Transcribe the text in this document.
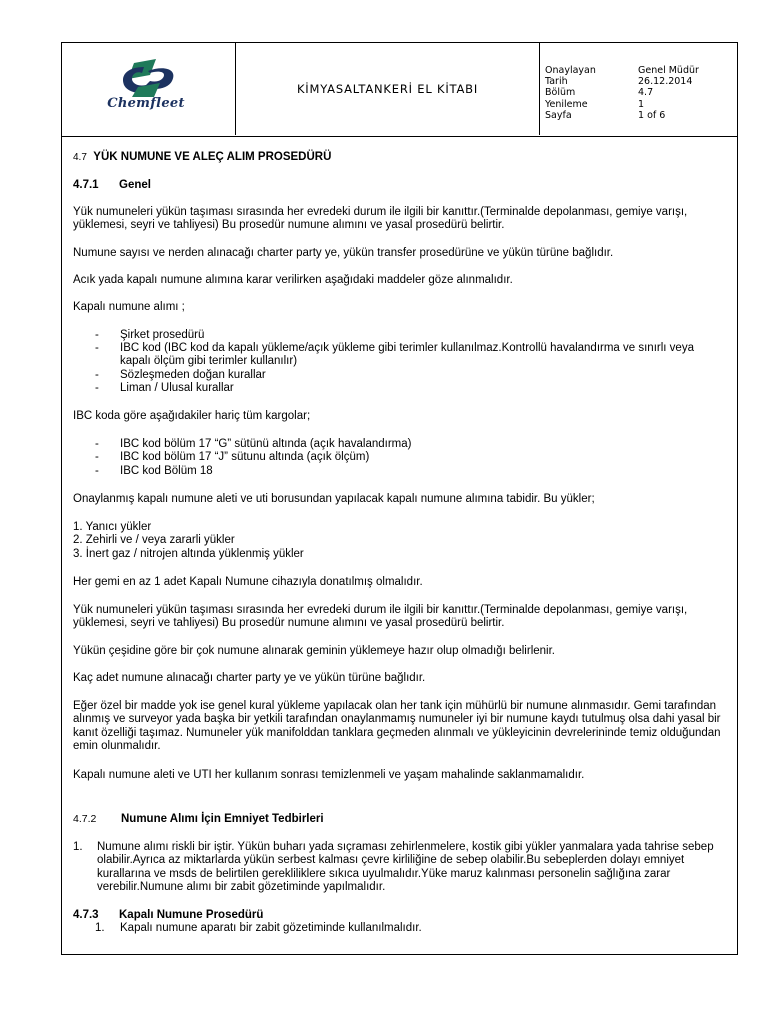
Chemfleet
KİMYASALTANKERİ EL KİTABI
Onaylayan	Genel Müdür
Tarih	26.12.2014
Bölüm	4.7
Yenileme	1
Sayfa	1 of 6
4.7 YÜK NUMUNE VE ALEÇ ALIM PROSEDÜRÜ
4.7.1 Genel
Yük numuneleri yükün taşıması sırasında her evredeki durum ile ilgili bir kanıttır.(Terminalde depolanması, gemiye varışı, yüklemesi, seyri ve tahliyesi) Bu prosedür numune alımını ve yasal prosedürü belirtir.
Numune sayısı ve nerden alınacağı charter party ye, yükün transfer prosedürüne ve yükün türüne bağlıdır.
Acık yada kapalı numune alımına karar verilirken aşağıdaki maddeler göze alınmalıdır.
Kapalı numune alımı ;
- Şirket prosedürü
- IBC kod (IBC kod da kapalı yükleme/açık yükleme gibi terimler kullanılmaz.Kontrollü havalandırma ve sınırlı veya kapalı ölçüm gibi terimler kullanılır)
- Sözleşmeden doğan kurallar
- Liman / Ulusal kurallar
IBC koda göre aşağıdakiler hariç tüm kargolar;
- IBC kod bölüm 17 “G” sütünü altında (açık havalandırma)
- IBC kod bölüm 17 “J” sütunu altında (açık ölçüm)
- IBC kod Bölüm 18
Onaylanmış kapalı numune aleti ve uti borusundan yapılacak kapalı numune alımına tabidir. Bu yükler;
1. Yanıcı yükler
2. Zehirli ve / veya zararli yükler
3. İnert gaz / nitrojen altında yüklenmiş yükler
Her gemi en az 1 adet Kapalı Numune cihazıyla donatılmış olmalıdır.
Yük numuneleri yükün taşıması sırasında her evredeki durum ile ilgili bir kanıttır.(Terminalde depolanması, gemiye varışı, yüklemesi, seyri ve tahliyesi) Bu prosedür numune alımını ve yasal prosedürü belirtir.
Yükün çeşidine göre bir çok numune alınarak geminin yüklemeye hazır olup olmadığı belirlenir.
Kaç adet numune alınacağı charter party ye ve yükün türüne bağlıdır.
Eğer özel bir madde yok ise genel kural yükleme yapılacak olan her tank için mühürlü bir numune alınmasıdır. Gemi tarafından alınmış ve surveyor yada başka bir yetkili tarafından onaylanmamış numuneler iyi bir numune kaydı tutulmuş olsa dahi yasal bir kanıt özelliği taşımaz. Numuneler yük manifolddan tanklara geçmeden alınmalı ve yükleyicinin devrelerininde temiz olduğundan emin olunmalıdır.
Kapalı numune aleti ve UTI her kullanım sonrası temizlenmeli ve yaşam mahalinde saklanmamalıdır.
4.7.2 Numune Alımı İçin Emniyet Tedbirleri
1. Numune alımı riskli bir iştir. Yükün buharı yada sıçraması zehirlenmelere, kostik gibi yükler yanmalara yada tahrise sebep olabilir.Ayrıca az miktarlarda yükün serbest kalması çevre kirliliğine de sebep olabilir.Bu sebeplerden dolayı emniyet kurallarına ve msds de belirtilen gerekliliklere sıkıca uyulmalıdır.Yüke maruz kalınması personelin sağlığına zarar verebilir.Numune alımı bir zabit gözetiminde yapılmalıdır.
4.7.3 Kapalı Numune Prosedürü
1. Kapalı numune aparatı bir zabit gözetiminde kullanılmalıdır.
